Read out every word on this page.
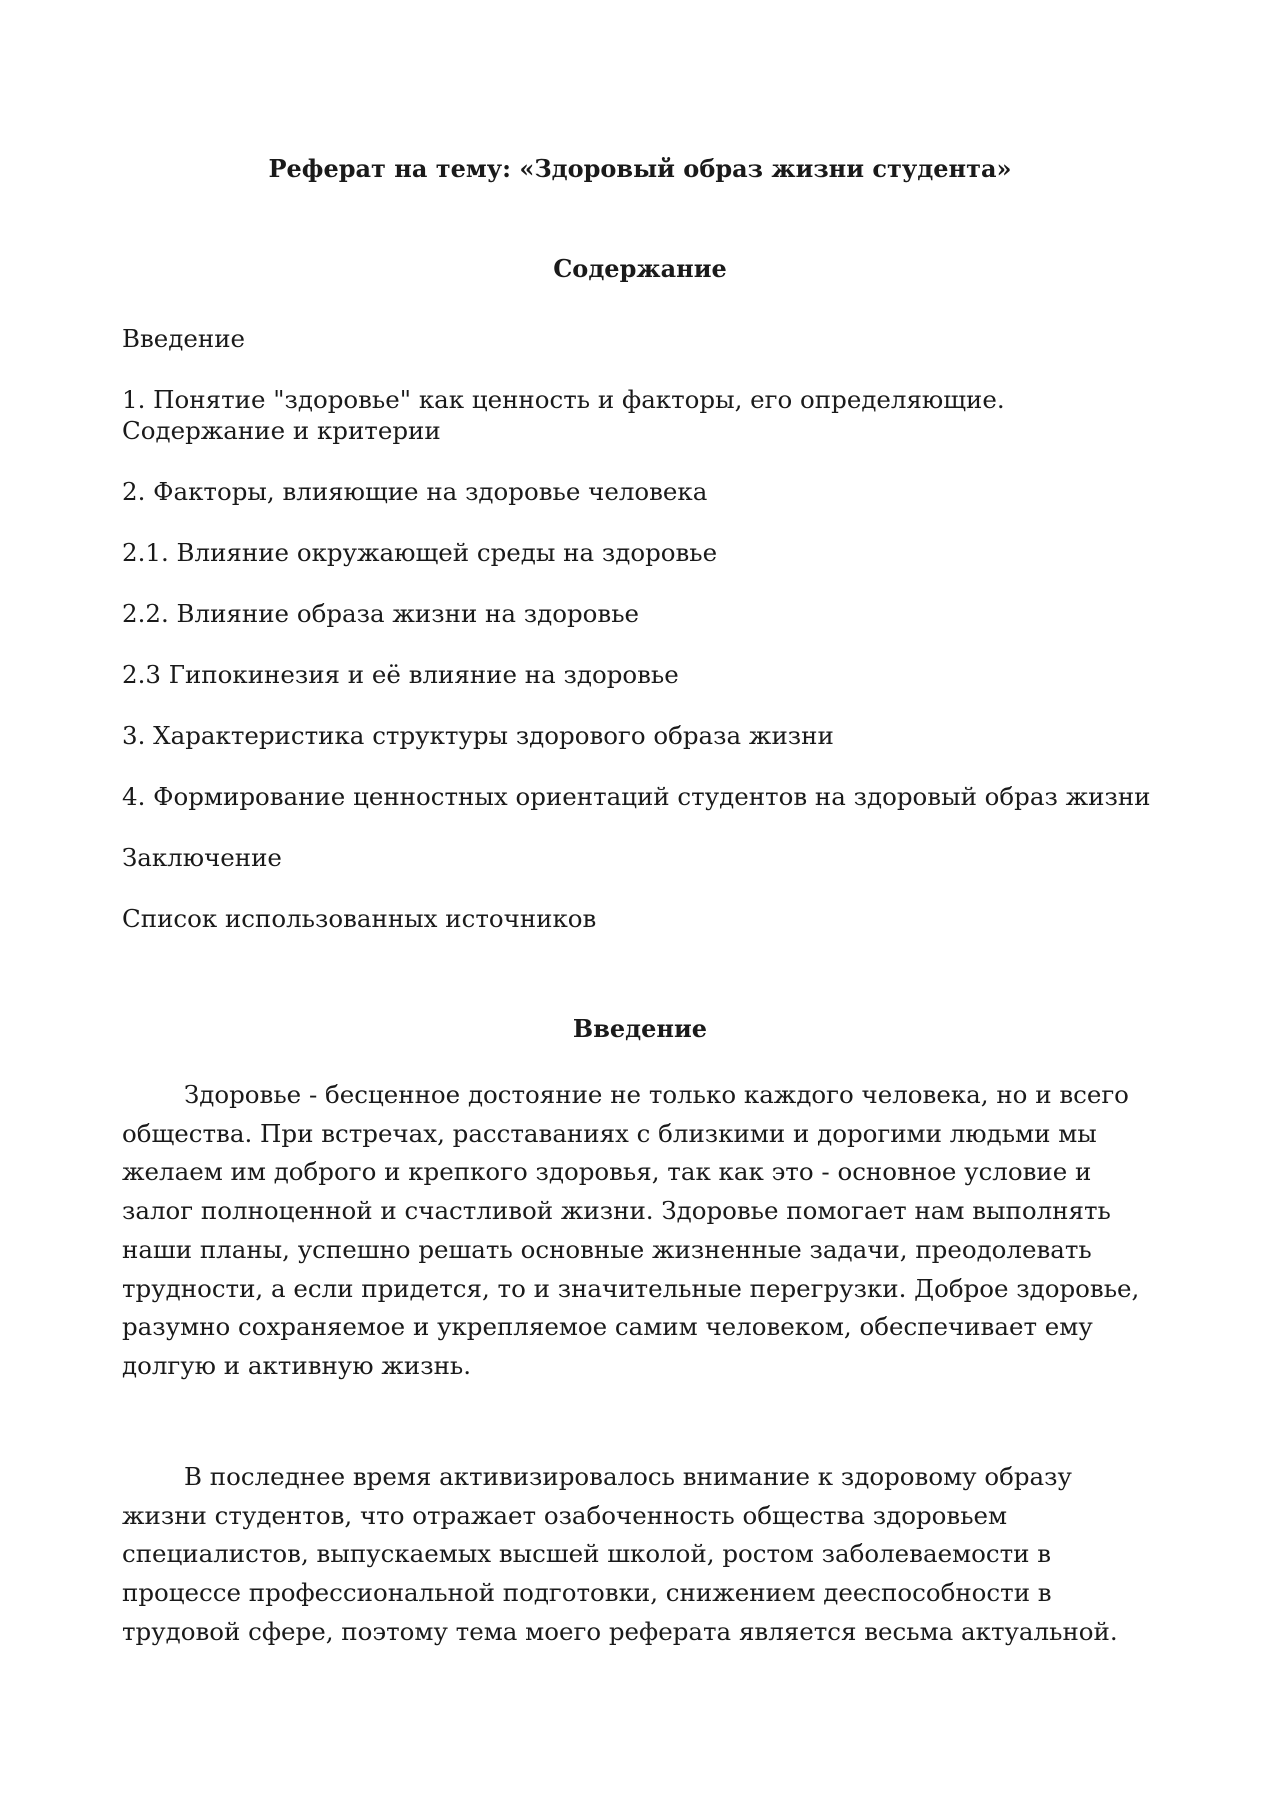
Реферат на тему: «Здоровый образ жизни студента»
Содержание
Введение
1. Понятие "здоровье" как ценность и факторы, его определяющие. Содержание и критерии
2. Факторы, влияющие на здоровье человека
2.1. Влияние окружающей среды на здоровье
2.2. Влияние образа жизни на здоровье
2.3 Гипокинезия и её влияние на здоровье
3. Характеристика структуры здорового образа жизни
4. Формирование ценностных ориентаций студентов на здоровый образ жизни
Заключение
Список использованных источников
Введение

Здоровье - бесценное достояние не только каждого человека, но и всего общества. При встречах, расставаниях с близкими и дорогими людьми мы желаем им доброго и крепкого здоровья, так как это - основное условие и залог полноценной и счастливой жизни. Здоровье помогает нам выполнять наши планы, успешно решать основные жизненные задачи, преодолевать трудности, а если придется, то и значительные перегрузки. Доброе здоровье, разумно сохраняемое и укрепляемое самим человеком, обеспечивает ему долгую и активную жизнь.

В последнее время активизировалось внимание к здоровому образу жизни студентов, что отражает озабоченность общества здоровьем специалистов, выпускаемых высшей школой, ростом заболеваемости в процессе профессиональной подготовки, снижением дееспособности в трудовой сфере, поэтому тема моего реферата является весьма актуальной.
